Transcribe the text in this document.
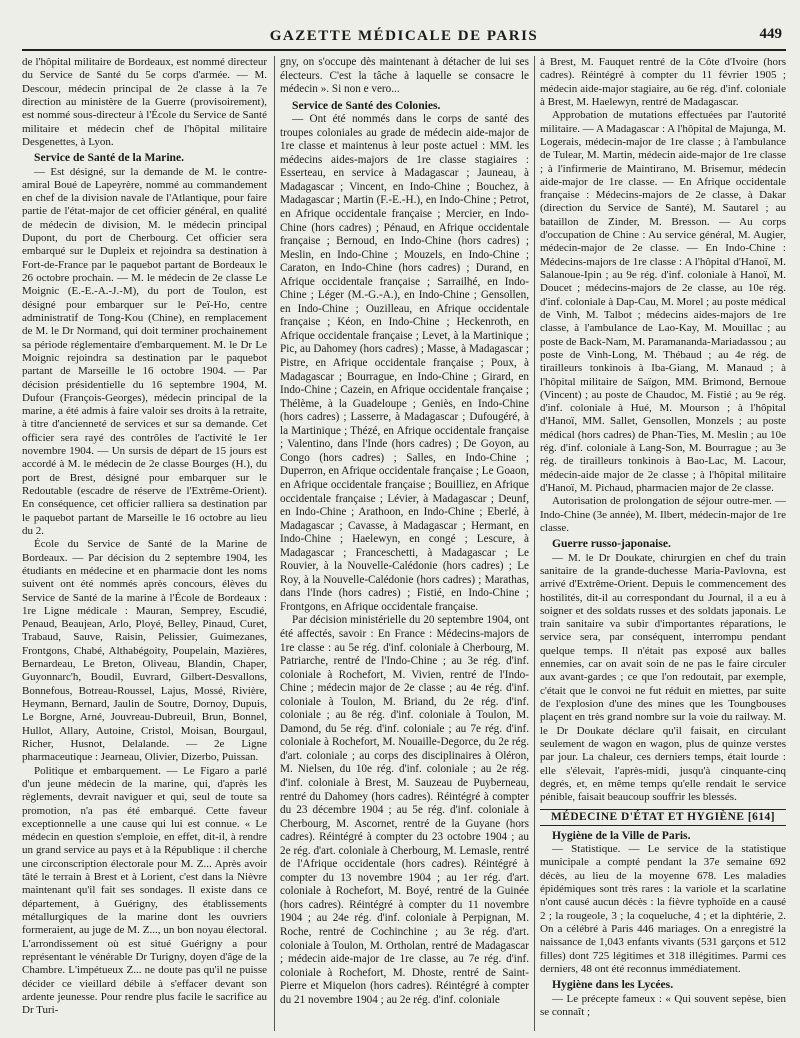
GAZETTE MÉDICALE DE PARIS	449

de l'hôpital militaire de Bordeaux, est nommé directeur du Service de Santé du 5e corps d'armée. — M. Descour, médecin principal de 2e classe à la 7e direction au ministère de la Guerre (provisoirement), est nommé sous-directeur à l'École du Service de Santé militaire et médecin chef de l'hôpital militaire Desgenettes, à Lyon.

Service de Santé de la Marine.

— Est désigné, sur la demande de M. le contre-amiral Boué de Lapeyrère, nommé au commandement en chef de la division navale de l'Atlantique, pour faire partie de l'état-major de cet officier général, en qualité de médecin de division, M. le médecin principal Dupont, du port de Cherbourg. Cet officier sera embarqué sur le Dupleix et rejoindra sa destination à Fort-de-France par le paquebot partant de Bordeaux le 26 octobre prochain. — M. le médecin de 2e classe Le Moignic (E.-E.-A.-J.-M), du port de Toulon, est désigné pour embarquer sur le Peï-Ho, centre administratif de Tong-Kou (Chine), en remplacement de M. le Dr Normand, qui doit terminer prochainement sa période réglementaire d'embarquement. M. le Dr Le Moignic rejoindra sa destination par le paquebot partant de Marseille le 16 octobre 1904. — Par décision présidentielle du 16 septembre 1904, M. Dufour (François-Georges), médecin principal de la marine, a été admis à faire valoir ses droits à la retraite, à titre d'ancienneté de services et sur sa demande. Cet officier sera rayé des contrôles de l'activité le 1er novembre 1904. — Un sursis de départ de 15 jours est accordé à M. le médecin de 2e classe Bourges (H.), du port de Brest, désigné pour embarquer sur le Redoutable (escadre de réserve de l'Extrême-Orient). En conséquence, cet officier ralliera sa destination par le paquebot partant de Marseille le 16 octobre au lieu du 2.

École du Service de Santé de la Marine de Bordeaux. — Par décision du 2 septembre 1904, les étudiants en médecine et en pharmacie dont les noms suivent ont été nommés après concours, élèves du Service de Santé de la marine à l'École de Bordeaux : 1re Ligne médicale : Mauran, Semprey, Escudié, Penaud, Beaujean, Arlo, Ployé, Belley, Pinaud, Curet, Trabaud, Sauve, Raisin, Pelissier, Guimezanes, Frontgons, Chabé, Althabégoity, Poupelain, Mazières, Bernardeau, Le Breton, Oliveau, Blandin, Chaper, Guyonnarc'h, Boudil, Euvrard, Gilbert-Desvallons, Bonnefous, Botreau-Roussel, Lajus, Mossé, Rivière, Heymann, Bernard, Jaulin de Soutre, Dornoy, Dupuis, Le Borgne, Arné, Jouvreau-Dubreuil, Brun, Bonnel, Hullot, Allary, Autoine, Cristol, Moisan, Bourgaul, Richer, Husnot, Delalande. — 2e Ligne pharmaceutique : Jearneau, Olivier, Dizerbo, Puissan.

Politique et embarquement. — Le Figaro a parlé d'un jeune médecin de la marine, qui, d'après les règlements, devrait naviguer et qui, seul de toute sa promotion, n'a pas été embarqué. Cette faveur exceptionnelle a une cause qui lui est connue. « Le médecin en question s'emploie, en effet, dit-il, à rendre un grand service au pays et à la République : il cherche une circonscription électorale pour M. Z... Après avoir tâté le terrain à Brest et à Lorient, c'est dans la Nièvre maintenant qu'il fait ses sondages. Il existe dans ce département, à Guérigny, des établissements métallurgiques de la marine dont les ouvriers formeraient, au juge de M. Z..., un bon noyau électoral. L'arrondissement où est situé Guérigny a pour représentant le vénérable Dr Turigny, doyen d'âge de la Chambre. L'impétueux Z... ne doute pas qu'il ne puisse décider ce vieillard débile à s'effacer devant son ardente jeunesse. Pour rendre plus facile le sacrifice au Dr Turi-

gny, on s'occupe dès maintenant à détacher de lui ses électeurs. C'est la tâche à laquelle se consacre le médecin ». Si non e vero...

Service de Santé des Colonies.

— Ont été nommés dans le corps de santé des troupes coloniales au grade de médecin aide-major de 1re classe et maintenus à leur poste actuel : MM. les médecins aides-majors de 1re classe stagiaires : Esserteau, en service à Madagascar ; Jauneau, à Madagascar ; Vincent, en Indo-Chine ; Bouchez, à Madagascar ; Martin (F.-E.-H.), en Indo-Chine ; Petrot, en Afrique occidentale française ; Mercier, en Indo-Chine (hors cadres) ; Pénaud, en Afrique occidentale française ; Bernoud, en Indo-Chine (hors cadres) ; Meslin, en Indo-Chine ; Mouzels, en Indo-Chine ; Caraton, en Indo-Chine (hors cadres) ; Durand, en Afrique occidentale française ; Sarrailhé, en Indo-Chine ; Léger (M.-G.-A.), en Indo-Chine ; Gensollen, en Indo-Chine ; Ouzilleau, en Afrique occidentale française ; Kéon, en Indo-Chine ; Heckenroth, en Afrique occidentale française ; Levet, à la Martinique ; Pic, au Dahomey (hors cadres) ; Masse, à Madagascar ; Pistre, en Afrique occidentale française ; Poux, à Madagascar ; Bourrague, en Indo-Chine ; Girard, en Indo-Chine ; Cazein, en Afrique occidentale française ; Thélème, à la Guadeloupe ; Geniès, en Indo-Chine (hors cadres) ; Lasserre, à Madagascar ; Dufougéré, à la Martinique ; Thézé, en Afrique occidentale française ; Valentino, dans l'Inde (hors cadres) ; De Goyon, au Congo (hors cadres) ; Salles, en Indo-Chine ; Duperron, en Afrique occidentale française ; Le Goaon, en Afrique occidentale française ; Bouilliez, en Afrique occidentale française ; Lévier, à Madagascar ; Deunf, en Indo-Chine ; Arathoon, en Indo-Chine ; Eberlé, à Madagascar ; Cavasse, à Madagascar ; Hermant, en Indo-Chine ; Haelewyn, en congé ; Lescure, à Madagascar ; Franceschetti, à Madagascar ; Le Rouvier, à la Nouvelle-Calédonie (hors cadres) ; Le Roy, à la Nouvelle-Calédonie (hors cadres) ; Marathas, dans l'Inde (hors cadres) ; Fistié, en Indo-Chine ; Frontgons, en Afrique occidentale française.

Par décision ministérielle du 20 septembre 1904, ont été affectés, savoir : En France : Médecins-majors de 1re classe : au 5e rég. d'inf. coloniale à Cherbourg, M. Patriarche, rentré de l'Indo-Chine ; au 3e rég. d'inf. coloniale à Rochefort, M. Vivien, rentré de l'Indo-Chine ; médecin major de 2e classe ; au 4e rég. d'inf. coloniale à Toulon, M. Briand, du 2e rég. d'inf. coloniale ; au 8e rég. d'inf. coloniale à Toulon, M. Damond, du 5e rég. d'inf. coloniale ; au 7e rég. d'inf. coloniale à Rochefort, M. Nouaille-Degorce, du 2e rég. d'art. coloniale ; au corps des disciplinaires à Oléron, M. Nielsen, du 10e rég. d'inf. coloniale ; au 2e rég. d'inf. coloniale à Brest, M. Sauzeau de Puyberneau, rentré du Dahomey (hors cadres). Réintégré à compter du 23 décembre 1904 ; au 5e rég. d'inf. coloniale à Cherbourg, M. Ascornet, rentré de la Guyane (hors cadres). Réintégré à compter du 23 octobre 1904 ; au 2e rég. d'art. coloniale à Cherbourg, M. Lemasle, rentré de l'Afrique occidentale (hors cadres). Réintégré à compter du 13 novembre 1904 ; au 1er rég. d'art. coloniale à Rochefort, M. Boyé, rentré de la Guinée (hors cadres). Réintégré à compter du 11 novembre 1904 ; au 24e rég. d'inf. coloniale à Perpignan, M. Roche, rentré de Cochinchine ; au 3e rég. d'art. coloniale à Toulon, M. Ortholan, rentré de Madagascar ; médecin aide-major de 1re classe, au 7e rég. d'inf. coloniale à Rochefort, M. Dhoste, rentré de Saint-Pierre et Miquelon (hors cadres). Réintégré à compter du 21 novembre 1904 ; au 2e rég. d'inf. coloniale

à Brest, M. Fauquet rentré de la Côte d'Ivoire (hors cadres). Réintégré à compter du 11 février 1905 ; médecin aide-major stagiaire, au 6e rég. d'inf. coloniale à Brest, M. Haelewyn, rentré de Madagascar.

Approbation de mutations effectuées par l'autorité militaire. — A Madagascar : A l'hôpital de Majunga, M. Logerais, médecin-major de 1re classe ; à l'ambulance de Tulear, M. Martin, médecin aide-major de 1re classe ; à l'infirmerie de Maintirano, M. Brisemur, médecin aide-major de 1re classe. — En Afrique occidentale française : Médecins-majors de 2e classe, à Dakar (direction du Service de Santé), M. Sautarel ; au bataillon de Zinder, M. Bresson. — Au corps d'occupation de Chine : Au service général, M. Augier, médecin-major de 2e classe. — En Indo-Chine : Médecins-majors de 1re classe : A l'hôpital d'Hanoï, M. Salanoue-Ipin ; au 9e rég. d'inf. coloniale à Hanoï, M. Doucet ; médecins-majors de 2e classe, au 10e rég. d'inf. coloniale à Dap-Cau, M. Morel ; au poste médical de Vinh, M. Talbot ; médecins aides-majors de 1re classe, à l'ambulance de Lao-Kay, M. Mouillac ; au poste de Back-Nam, M. Paramananda-Mariadassou ; au poste de Vinh-Long, M. Thébaud ; au 4e rég. de tirailleurs tonkinois à Iba-Giang, M. Manaud ; à l'hôpital militaire de Saïgon, MM. Brimond, Bernoue (Vincent) ; au poste de Chaudoc, M. Fistié ; au 9e rég. d'inf. coloniale à Hué, M. Mourson ; à l'hôpital d'Hanoï, MM. Sallet, Gensollen, Monzels ; au poste médical (hors cadres) de Phan-Ties, M. Meslin ; au 10e rég. d'inf. coloniale à Lang-Son, M. Bourrague ; au 3e rég. de tirailleurs tonkinois à Bao-Lac, M. Lacour, médecin-aide major de 2e classe ; à l'hôpital militaire d'Hanoï, M. Pichaud, pharmacien major de 2e classe.

Autorisation de prolongation de séjour outre-mer. — Indo-Chine (3e année), M. Ilbert, médecin-major de 1re classe.

Guerre russo-japonaise.

— M. le Dr Doukate, chirurgien en chef du train sanitaire de la grande-duchesse Maria-Pavlovna, est arrivé d'Extrême-Orient. Depuis le commencement des hostilités, dit-il au correspondant du Journal, il a eu à soigner et des soldats russes et des soldats japonais. Le train sanitaire va subir d'importantes réparations, le service sera, par conséquent, interrompu pendant quelque temps. Il n'était pas exposé aux balles ennemies, car on avait soin de ne pas le faire circuler aux avant-gardes ; ce que l'on redoutait, par exemple, c'était que le convoi ne fut réduit en miettes, par suite de l'explosion d'une des mines que les Toungbouses plaçent en très grand nombre sur la voie du railway. M. le Dr Doukate déclare qu'il faisait, en circulant seulement de wagon en wagon, plus de quinze verstes par jour. La chaleur, ces derniers temps, était lourde : elle s'élevait, l'après-midi, jusqu'à cinquante-cinq degrés, et, en même temps qu'elle rendait le service pénible, faisait beaucoup souffrir les blessés.

MÉDECINE D'ÉTAT ET HYGIÈNE [614]
Hygiène de la Ville de Paris.

— Statistique. — Le service de la statistique municipale a compté pendant la 37e semaine 692 décès, au lieu de la moyenne 678. Les maladies épidémiques sont très rares : la variole et la scarlatine n'ont causé aucun décès : la fièvre typhoïde en a causé 2 ; la rougeole, 3 ; la coqueluche, 4 ; et la diphtérie, 2. On a célébré à Paris 446 mariages. On a enregistré la naissance de 1,043 enfants vivants (531 garçons et 512 filles) dont 725 légitimes et 318 illégitimes. Parmi ces derniers, 48 ont été reconnus immédiatement.

Hygiène dans les Lycées.

— Le précepte fameux : « Qui souvent sepèse, bien se connaît ;
